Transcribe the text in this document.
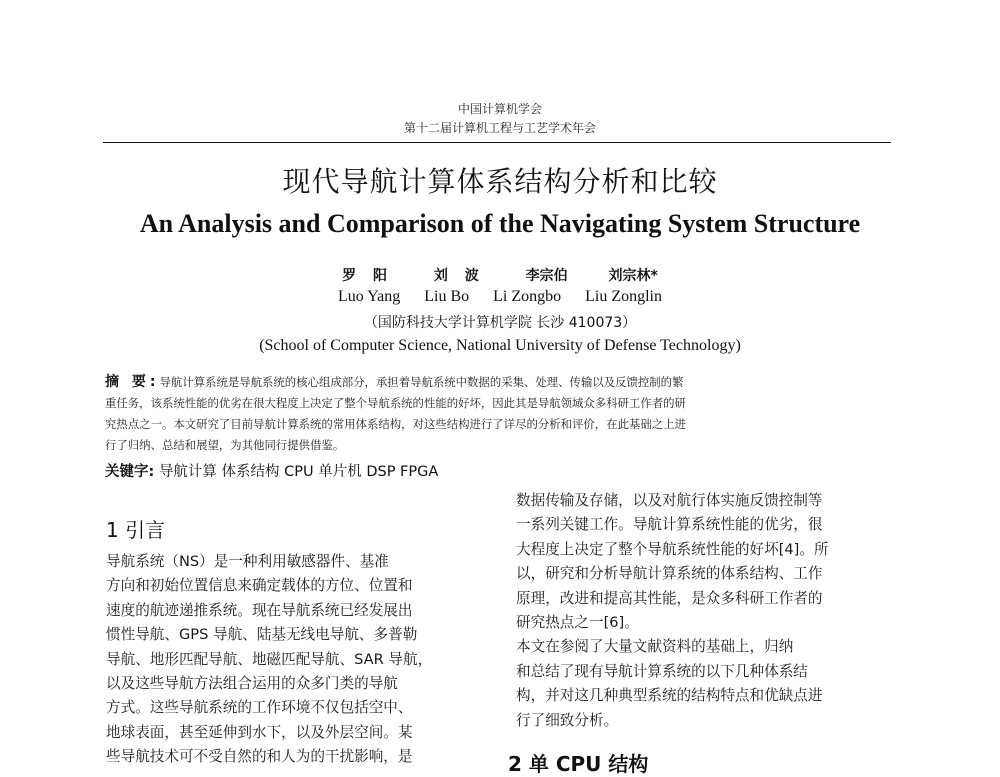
中国计算机学会
第十二届计算机工程与工艺学术年会
现代导航计算体系结构分析和比较
An Analysis and Comparison of the Navigating System Structure
罗 阳	刘 波	李宗伯	刘宗林*
Luo Yang Liu Bo Li Zongbo Liu Zonglin
（国防科技大学计算机学院 长沙 410073）
(School of Computer Science, National University of Defense Technology)
摘 要:导航计算系统是导航系统的核心组成部分，承担着导航系统中数据的采集、处理、传输以及反馈控制的繁
重任务，该系统性能的优劣在很大程度上决定了整个导航系统的性能的好坏，因此其是导航领域众多科研工作者的研
究热点之一。本文研究了目前导航计算系统的常用体系结构，对这些结构进行了详尽的分析和评价，在此基础之上进
行了归纳、总结和展望，为其他同行提供借鉴。
关键字: 导航计算 体系结构 CPU 单片机 DSP FPGA
1 引言
导航系统（NS）是一种利用敏感器件、基准
方向和初始位置信息来确定载体的方位、位置和
速度的航迹递推系统。现在导航系统已经发展出
惯性导航、GPS 导航、陆基无线电导航、多普勒
导航、地形匹配导航、地磁匹配导航、SAR 导航，
以及这些导航方法组合运用的众多门类的导航
方式。这些导航系统的工作环境不仅包括空中、
地球表面，甚至延伸到水下，以及外层空间。某
些导航技术可不受自然的和人为的干扰影响，是
数据传输及存储，以及对航行体实施反馈控制等
一系列关键工作。导航计算系统性能的优劣，很
大程度上决定了整个导航系统性能的好坏[4]。所
以，研究和分析导航计算系统的体系结构、工作
原理，改进和提高其性能，是众多科研工作者的
研究热点之一[6]。
本文在参阅了大量文献资料的基础上，归纳
和总结了现有导航计算系统的以下几种体系结
构，并对这几种典型系统的结构特点和优缺点进
行了细致分析。
2 单 CPU 结构
